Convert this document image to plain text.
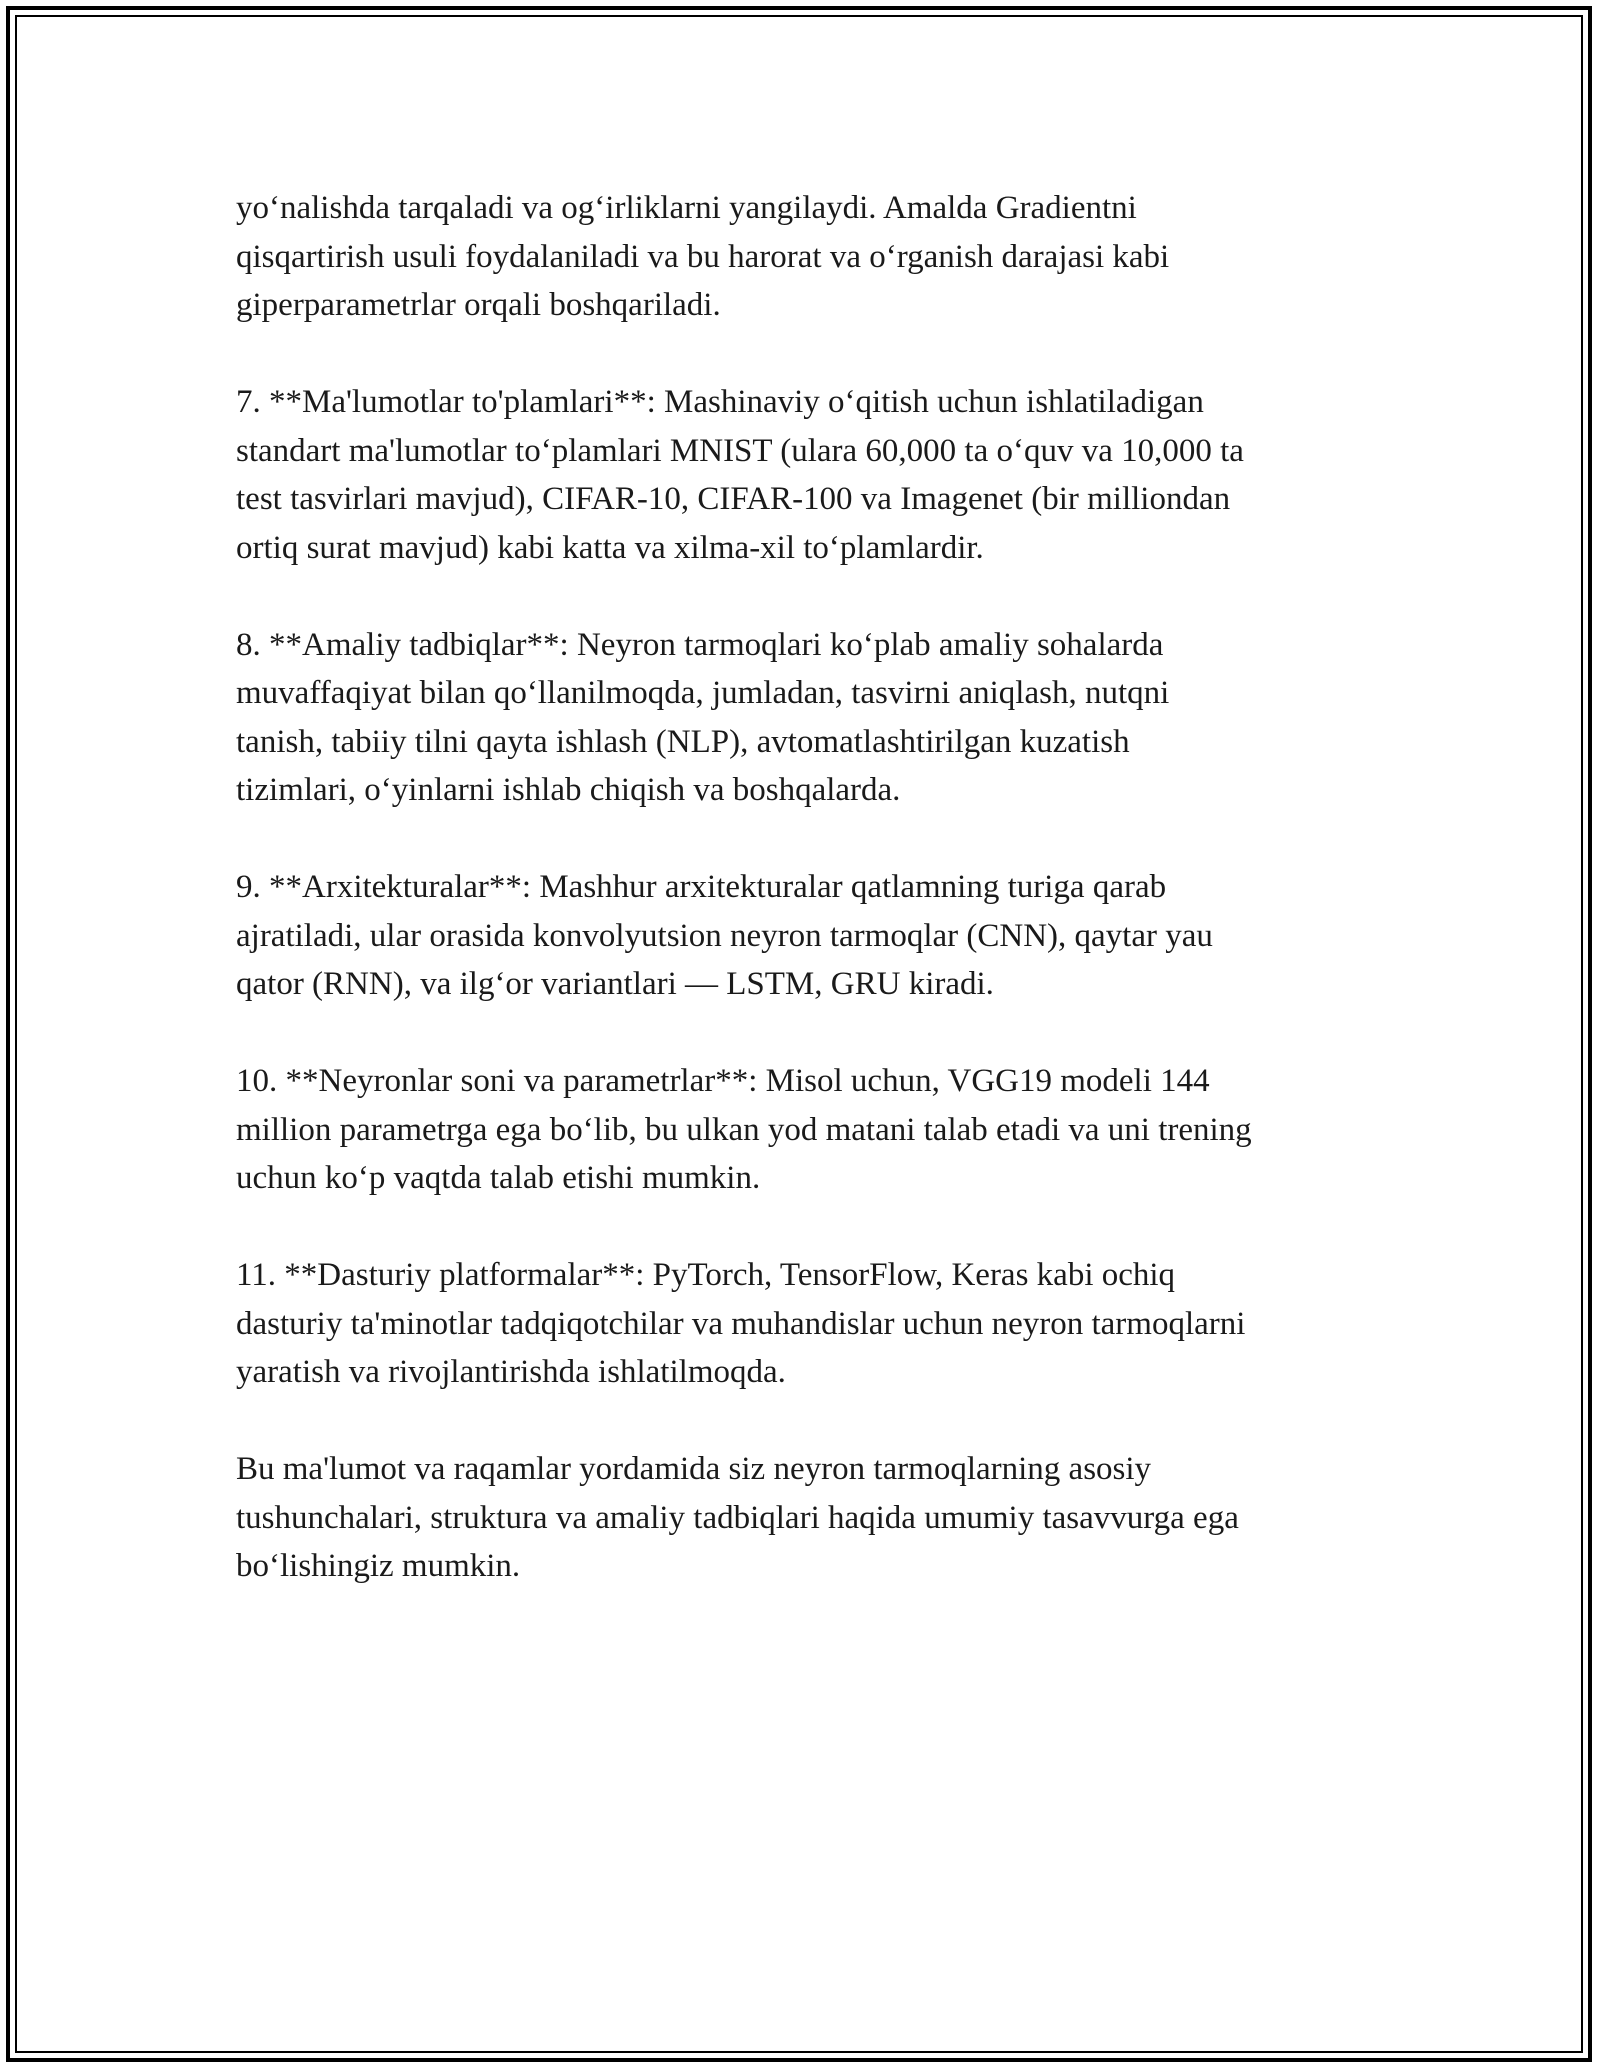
yo‘nalishda tarqaladi va og‘irliklarni yangilaydi. Amalda Gradientni
qisqartirish usuli foydalaniladi va bu harorat va o‘rganish darajasi kabi
giperparametrlar orqali boshqariladi.

7. **Ma'lumotlar to'plamlari**: Mashinaviy o‘qitish uchun ishlatiladigan
standart ma'lumotlar to‘plamlari MNIST (ulara 60,000 ta o‘quv va 10,000 ta
test tasvirlari mavjud), CIFAR-10, CIFAR-100 va Imagenet (bir milliondan
ortiq surat mavjud) kabi katta va xilma-xil to‘plamlardir.

8. **Amaliy tadbiqlar**: Neyron tarmoqlari ko‘plab amaliy sohalarda
muvaffaqiyat bilan qo‘llanilmoqda, jumladan, tasvirni aniqlash, nutqni
tanish, tabiiy tilni qayta ishlash (NLP), avtomatlashtirilgan kuzatish
tizimlari, o‘yinlarni ishlab chiqish va boshqalarda.

9. **Arxitekturalar**: Mashhur arxitekturalar qatlamning turiga qarab
ajratiladi, ular orasida konvolyutsion neyron tarmoqlar (CNN), qaytar yau
qator (RNN), va ilg‘or variantlari — LSTM, GRU kiradi.

10. **Neyronlar soni va parametrlar**: Misol uchun, VGG19 modeli 144
million parametrga ega bo‘lib, bu ulkan yod matani talab etadi va uni trening
uchun ko‘p vaqtda talab etishi mumkin.

11. **Dasturiy platformalar**: PyTorch, TensorFlow, Keras kabi ochiq
dasturiy ta'minotlar tadqiqotchilar va muhandislar uchun neyron tarmoqlarni
yaratish va rivojlantirishda ishlatilmoqda.

Bu ma'lumot va raqamlar yordamida siz neyron tarmoqlarning asosiy
tushunchalari, struktura va amaliy tadbiqlari haqida umumiy tasavvurga ega
bo‘lishingiz mumkin.
